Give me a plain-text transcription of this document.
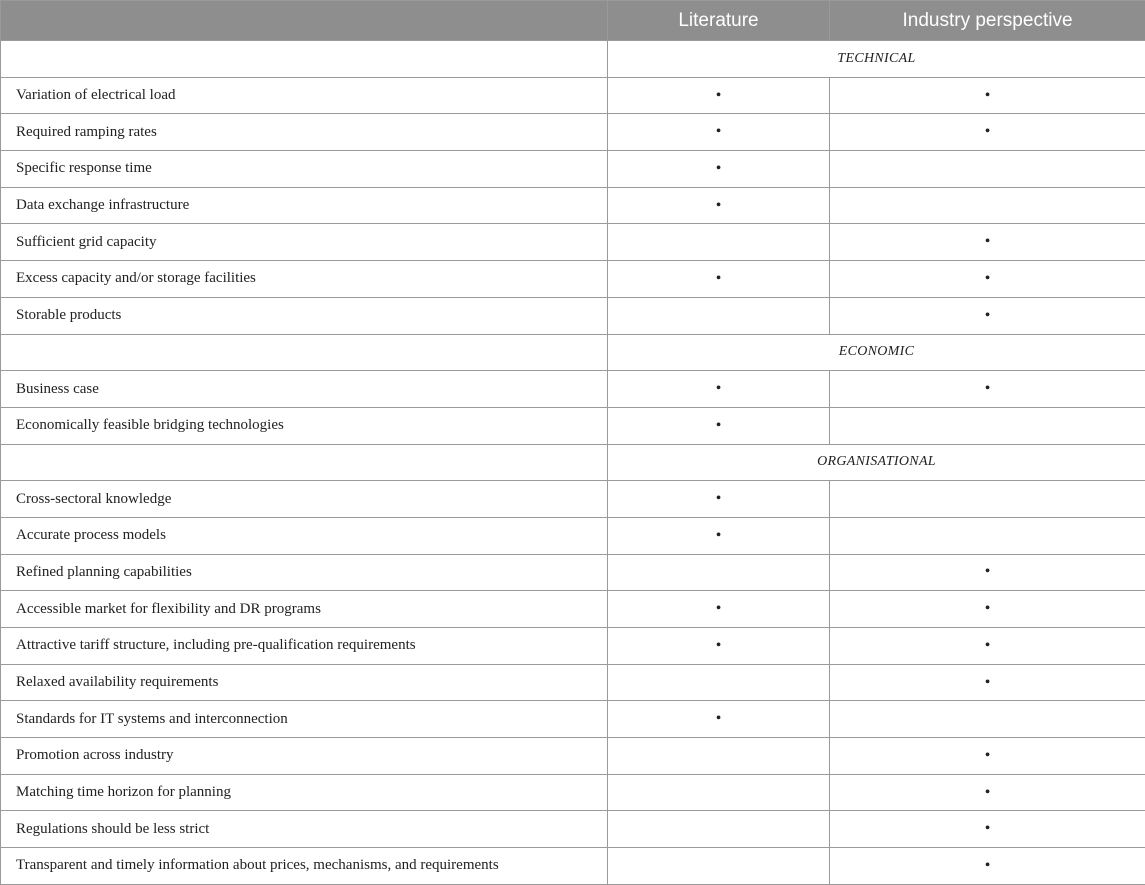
	Literature	Industry perspective
	TECHNICAL	
Variation of electrical load	•	•
Required ramping rates	•	•
Specific response time	•	
Data exchange infrastructure	•	
Sufficient grid capacity		•
Excess capacity and/or storage facilities	•	•
Storable products		•
	ECONOMIC	
Business case	•	•
Economically feasible bridging technologies	•	
	ORGANISATIONAL	
Cross-sectoral knowledge	•	
Accurate process models	•	
Refined planning capabilities		•
Accessible market for flexibility and DR programs	•	•
Attractive tariff structure, including pre-qualification requirements	•	•
Relaxed availability requirements		•
Standards for IT systems and interconnection	•	
Promotion across industry		•
Matching time horizon for planning		•
Regulations should be less strict		•
Transparent and timely information about prices, mechanisms, and requirements		•
